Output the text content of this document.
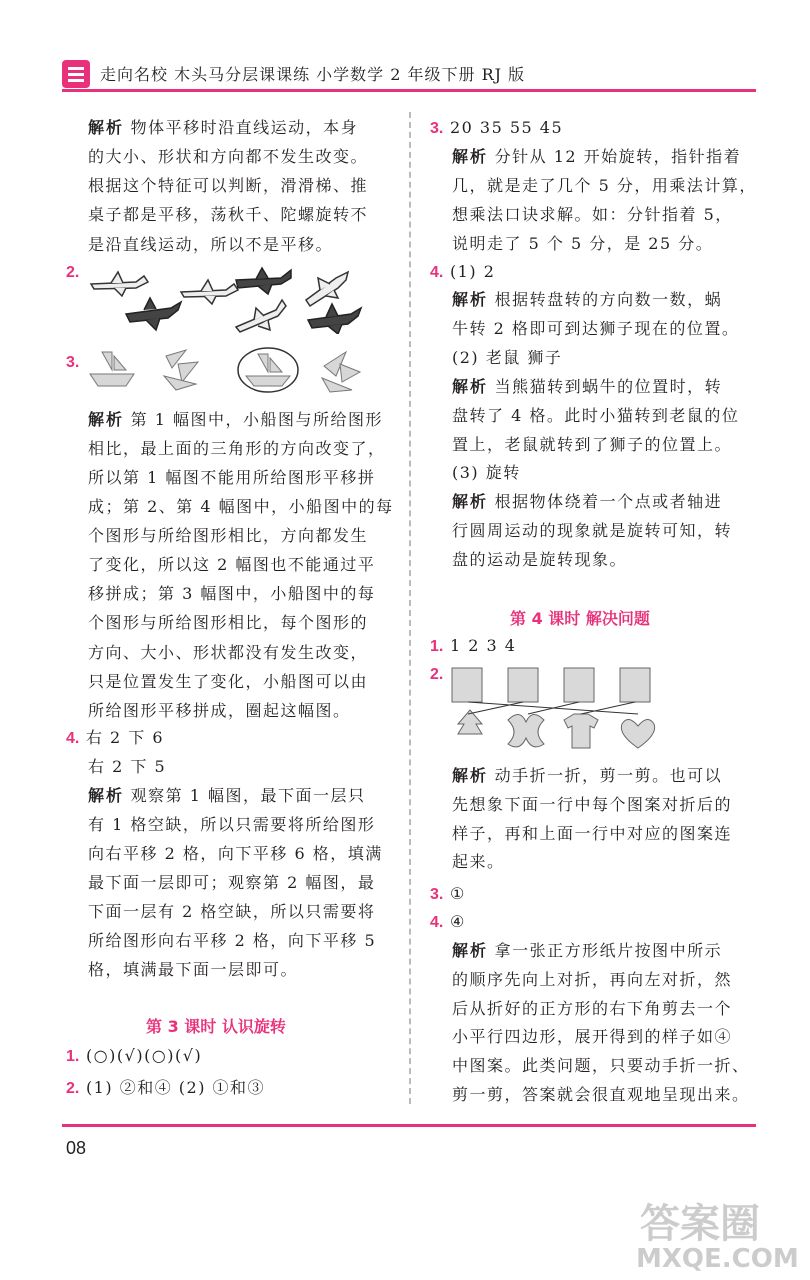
走向名校 木头马分层课课练 小学数学 2 年级下册 RJ 版
08
答案圈
MXQE.COM
解析 物体平移时沿直线运动，本身
的大小、形状和方向都不发生改变。
根据这个特征可以判断，滑滑梯、推
桌子都是平移，荡秋千、陀螺旋转不
是沿直线运动，所以不是平移。
2.
3.
解析 第 1 幅图中，小船图与所给图形
相比，最上面的三角形的方向改变了，
所以第 1 幅图不能用所给图形平移拼
成；第 2、第 4 幅图中，小船图中的每
个图形与所给图形相比，方向都发生
了变化，所以这 2 幅图也不能通过平
移拼成；第 3 幅图中，小船图中的每
个图形与所给图形相比，每个图形的
方向、大小、形状都没有发生改变，
只是位置发生了变化，小船图可以由
所给图形平移拼成，圈起这幅图。
4. 右 2 下 6
右 2 下 5
解析 观察第 1 幅图，最下面一层只
有 1 格空缺，所以只需要将所给图形
向右平移 2 格，向下平移 6 格，填满
最下面一层即可；观察第 2 幅图，最
下面一层有 2 格空缺，所以只需要将
所给图形向右平移 2 格，向下平移 5
格，填满最下面一层即可。
第 3 课时 认识旋转
1. (○)(√)(○)(√)
2. (1) ②和④ (2) ①和③
3. 20 35 55 45
解析 分针从 12 开始旋转，指针指着
几，就是走了几个 5 分，用乘法计算，
想乘法口诀求解。如：分针指着 5，
说明走了 5 个 5 分，是 25 分。
4. (1) 2
解析 根据转盘转的方向数一数，蜗
牛转 2 格即可到达狮子现在的位置。
(2) 老鼠 狮子
解析 当熊猫转到蜗牛的位置时，转
盘转了 4 格。此时小猫转到老鼠的位
置上，老鼠就转到了狮子的位置上。
(3) 旋转
解析 根据物体绕着一个点或者轴进
行圆周运动的现象就是旋转可知，转
盘的运动是旋转现象。
第 4 课时 解决问题
1. 1 2 3 4
2.
解析 动手折一折，剪一剪。也可以
先想象下面一行中每个图案对折后的
样子，再和上面一行中对应的图案连
起来。
3. ①
4. ④
解析 拿一张正方形纸片按图中所示
的顺序先向上对折，再向左对折，然
后从折好的正方形的右下角剪去一个
小平行四边形，展开得到的样子如④
中图案。此类问题，只要动手折一折、
剪一剪，答案就会很直观地呈现出来。
